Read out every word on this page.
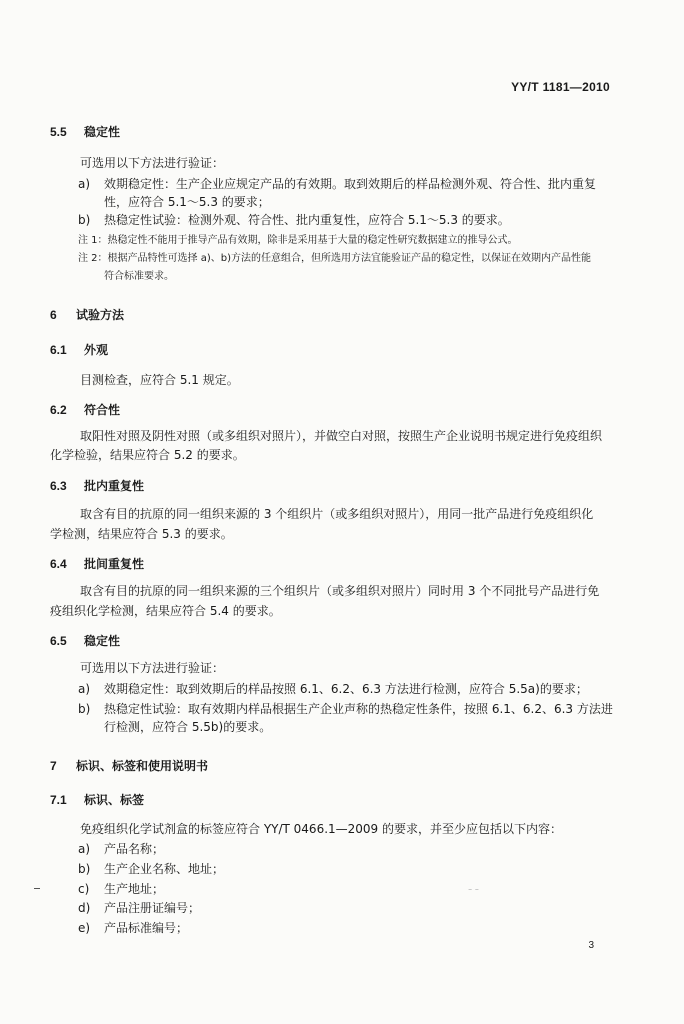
YY/T 1181—2010
5.5 稳定性
可选用以下方法进行验证：
a) 效期稳定性：生产企业应规定产品的有效期。取到效期后的样品检测外观、符合性、批内重复
性，应符合 5.1～5.3 的要求；
b) 热稳定性试验：检测外观、符合性、批内重复性，应符合 5.1～5.3 的要求。
注 1：热稳定性不能用于推导产品有效期，除非是采用基于大量的稳定性研究数据建立的推导公式。
注 2：根据产品特性可选择 a)、b)方法的任意组合，但所选用方法宜能验证产品的稳定性，以保证在效期内产品性能
符合标准要求。
6 试验方法
6.1 外观
目测检查，应符合 5.1 规定。
6.2 符合性
取阳性对照及阴性对照（或多组织对照片），并做空白对照，按照生产企业说明书规定进行免疫组织
化学检验，结果应符合 5.2 的要求。
6.3 批内重复性
取含有目的抗原的同一组织来源的 3 个组织片（或多组织对照片），用同一批产品进行免疫组织化
学检测，结果应符合 5.3 的要求。
6.4 批间重复性
取含有目的抗原的同一组织来源的三个组织片（或多组织对照片）同时用 3 个不同批号产品进行免
疫组织化学检测，结果应符合 5.4 的要求。
6.5 稳定性
可选用以下方法进行验证：
a) 效期稳定性：取到效期后的样品按照 6.1、6.2、6.3 方法进行检测，应符合 5.5a)的要求；
b) 热稳定性试验：取有效期内样品根据生产企业声称的热稳定性条件，按照 6.1、6.2、6.3 方法进
行检测，应符合 5.5b)的要求。
7 标识、标签和使用说明书
7.1 标识、标签
免疫组织化学试剂盒的标签应符合 YY/T 0466.1—2009 的要求，并至少应包括以下内容：
a) 产品名称；
b) 生产企业名称、地址；
c) 生产地址；
d) 产品注册证编号；
e) 产品标准编号；
⁻ ⁻
3
